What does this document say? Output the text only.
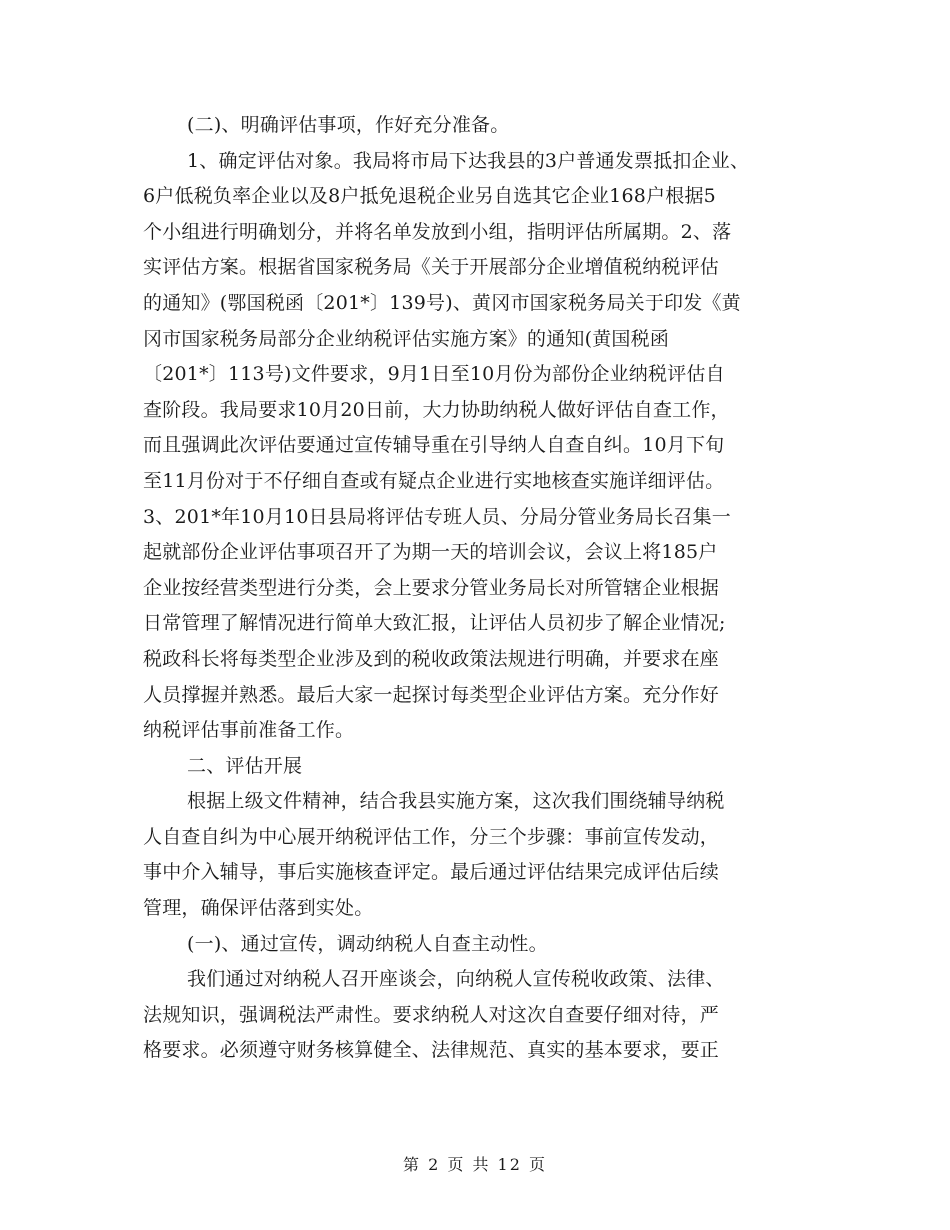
(二)、明确评估事项，作好充分准备。
1、确定评估对象。我局将市局下达我县的3户普通发票抵扣企业、
6户低税负率企业以及8户抵免退税企业另自选其它企业168户根据5
个小组进行明确划分，并将名单发放到小组，指明评估所属期。2、落
实评估方案。根据省国家税务局《关于开展部分企业增值税纳税评估
的通知》(鄂国税函〔201*〕139号)、黄冈市国家税务局关于印发《黄
冈市国家税务局部分企业纳税评估实施方案》的通知(黄国税函
〔201*〕113号)文件要求，9月1日至10月份为部份企业纳税评估自
查阶段。我局要求10月20日前，大力协助纳税人做好评估自查工作，
而且强调此次评估要通过宣传辅导重在引导纳人自查自纠。10月下旬
至11月份对于不仔细自查或有疑点企业进行实地核查实施详细评估。
3、201*年10月10日县局将评估专班人员、分局分管业务局长召集一
起就部份企业评估事项召开了为期一天的培训会议，会议上将185户
企业按经营类型进行分类，会上要求分管业务局长对所管辖企业根据
日常管理了解情况进行简单大致汇报，让评估人员初步了解企业情况;
税政科长将每类型企业涉及到的税收政策法规进行明确，并要求在座
人员撑握并熟悉。最后大家一起探讨每类型企业评估方案。充分作好
纳税评估事前准备工作。
二、评估开展
根据上级文件精神，结合我县实施方案，这次我们围绕辅导纳税
人自查自纠为中心展开纳税评估工作，分三个步骤：事前宣传发动，
事中介入辅导，事后实施核查评定。最后通过评估结果完成评估后续
管理，确保评估落到实处。
(一)、通过宣传，调动纳税人自查主动性。
我们通过对纳税人召开座谈会，向纳税人宣传税收政策、法律、
法规知识，强调税法严肃性。要求纳税人对这次自查要仔细对待，严
格要求。必须遵守财务核算健全、法律规范、真实的基本要求，要正
第 2 页 共 12 页
